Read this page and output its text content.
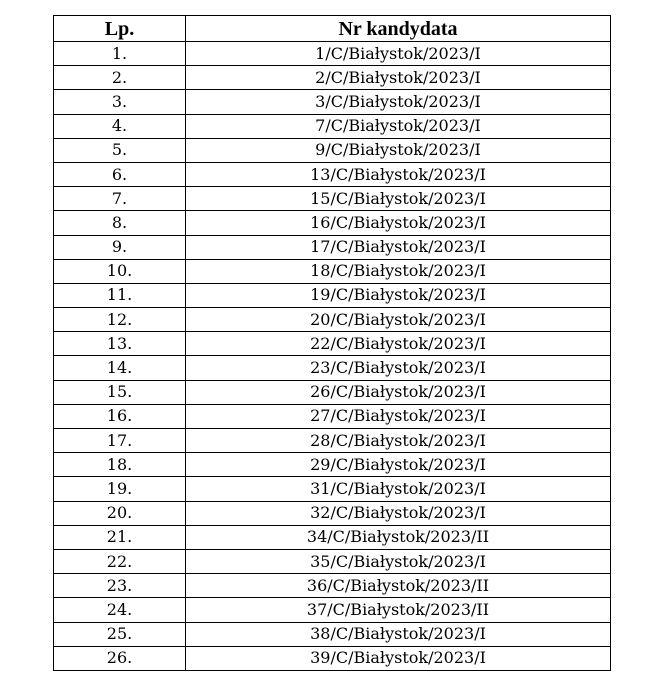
Lp.	Nr kandydata
1.	1/C/Białystok/2023/I
2.	2/C/Białystok/2023/I
3.	3/C/Białystok/2023/I
4.	7/C/Białystok/2023/I
5.	9/C/Białystok/2023/I
6.	13/C/Białystok/2023/I
7.	15/C/Białystok/2023/I
8.	16/C/Białystok/2023/I
9.	17/C/Białystok/2023/I
10.	18/C/Białystok/2023/I
11.	19/C/Białystok/2023/I
12.	20/C/Białystok/2023/I
13.	22/C/Białystok/2023/I
14.	23/C/Białystok/2023/I
15.	26/C/Białystok/2023/I
16.	27/C/Białystok/2023/I
17.	28/C/Białystok/2023/I
18.	29/C/Białystok/2023/I
19.	31/C/Białystok/2023/I
20.	32/C/Białystok/2023/I
21.	34/C/Białystok/2023/II
22.	35/C/Białystok/2023/I
23.	36/C/Białystok/2023/II
24.	37/C/Białystok/2023/II
25.	38/C/Białystok/2023/I
26.	39/C/Białystok/2023/I
